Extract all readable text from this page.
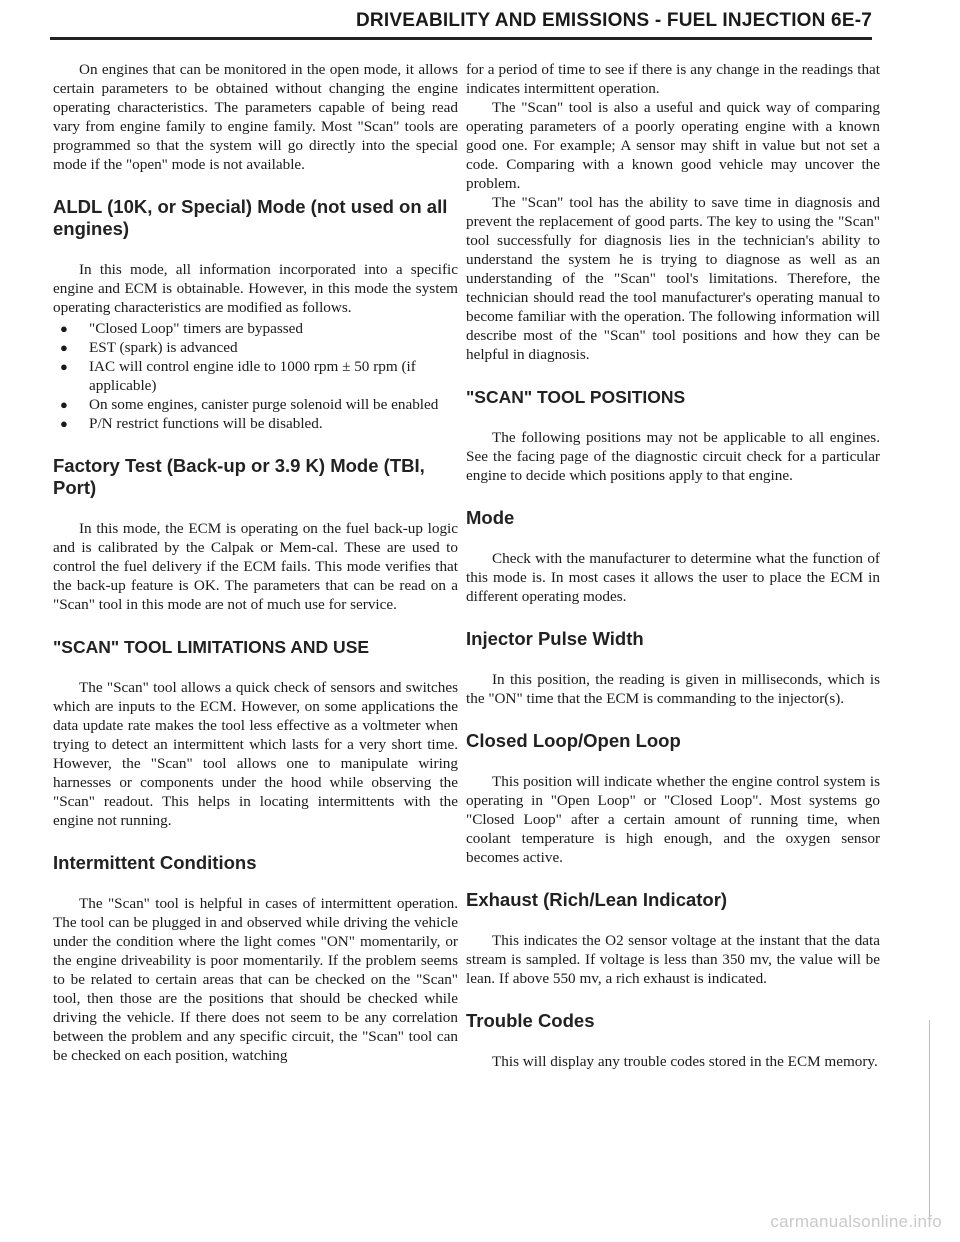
DRIVEABILITY AND EMISSIONS - FUEL INJECTION 6E-7

On engines that can be monitored in the open mode, it allows certain parameters to be obtained without changing the engine operating characteristics. The parameters capable of being read vary from engine family to engine family. Most "Scan" tools are programmed so that the system will go directly into the special mode if the "open" mode is not available.

ALDL (10K, or Special) Mode (not used on all engines)

In this mode, all information incorporated into a specific engine and ECM is obtainable. However, in this mode the system operating characteristics are modified as follows.

● "Closed Loop" timers are bypassed
● EST (spark) is advanced
● IAC will control engine idle to 1000 rpm ± 50 rpm (if applicable)
● On some engines, canister purge solenoid will be enabled
● P/N restrict functions will be disabled.
Factory Test (Back-up or 3.9 K) Mode (TBI, Port)

In this mode, the ECM is operating on the fuel back-up logic and is calibrated by the Calpak or Mem-cal. These are used to control the fuel delivery if the ECM fails. This mode verifies that the back-up feature is OK. The parameters that can be read on a "Scan" tool in this mode are not of much use for service.

"SCAN" TOOL LIMITATIONS AND USE

The "Scan" tool allows a quick check of sensors and switches which are inputs to the ECM. However, on some applications the data update rate makes the tool less effective as a voltmeter when trying to detect an intermittent which lasts for a very short time. However, the "Scan" tool allows one to manipulate wiring harnesses or components under the hood while observing the "Scan" readout. This helps in locating intermittents with the engine not running.

Intermittent Conditions

The "Scan" tool is helpful in cases of intermittent operation. The tool can be plugged in and observed while driving the vehicle under the condition where the light comes "ON" momentarily, or the engine driveability is poor momentarily. If the problem seems to be related to certain areas that can be checked on the "Scan" tool, then those are the positions that should be checked while driving the vehicle. If there does not seem to be any correlation between the problem and any specific circuit, the "Scan" tool can be checked on each position, watching

for a period of time to see if there is any change in the readings that indicates intermittent operation.

The "Scan" tool is also a useful and quick way of comparing operating parameters of a poorly operating engine with a known good one. For example; A sensor may shift in value but not set a code. Comparing with a known good vehicle may uncover the problem.

The "Scan" tool has the ability to save time in diagnosis and prevent the replacement of good parts. The key to using the "Scan" tool successfully for diagnosis lies in the technician's ability to understand the system he is trying to diagnose as well as an understanding of the "Scan" tool's limitations. Therefore, the technician should read the tool manufacturer's operating manual to become familiar with the operation. The following information will describe most of the "Scan" tool positions and how they can be helpful in diagnosis.

"SCAN" TOOL POSITIONS

The following positions may not be applicable to all engines. See the facing page of the diagnostic circuit check for a particular engine to decide which positions apply to that engine.

Mode

Check with the manufacturer to determine what the function of this mode is. In most cases it allows the user to place the ECM in different operating modes.

Injector Pulse Width

In this position, the reading is given in milliseconds, which is the "ON" time that the ECM is commanding to the injector(s).

Closed Loop/Open Loop

This position will indicate whether the engine control system is operating in "Open Loop" or "Closed Loop". Most systems go "Closed Loop" after a certain amount of running time, when coolant temperature is high enough, and the oxygen sensor becomes active.

Exhaust (Rich/Lean Indicator)

This indicates the O2 sensor voltage at the instant that the data stream is sampled. If voltage is less than 350 mv, the value will be lean. If above 550 mv, a rich exhaust is indicated.

Trouble Codes

This will display any trouble codes stored in the ECM memory.

carmanualsonline.info
